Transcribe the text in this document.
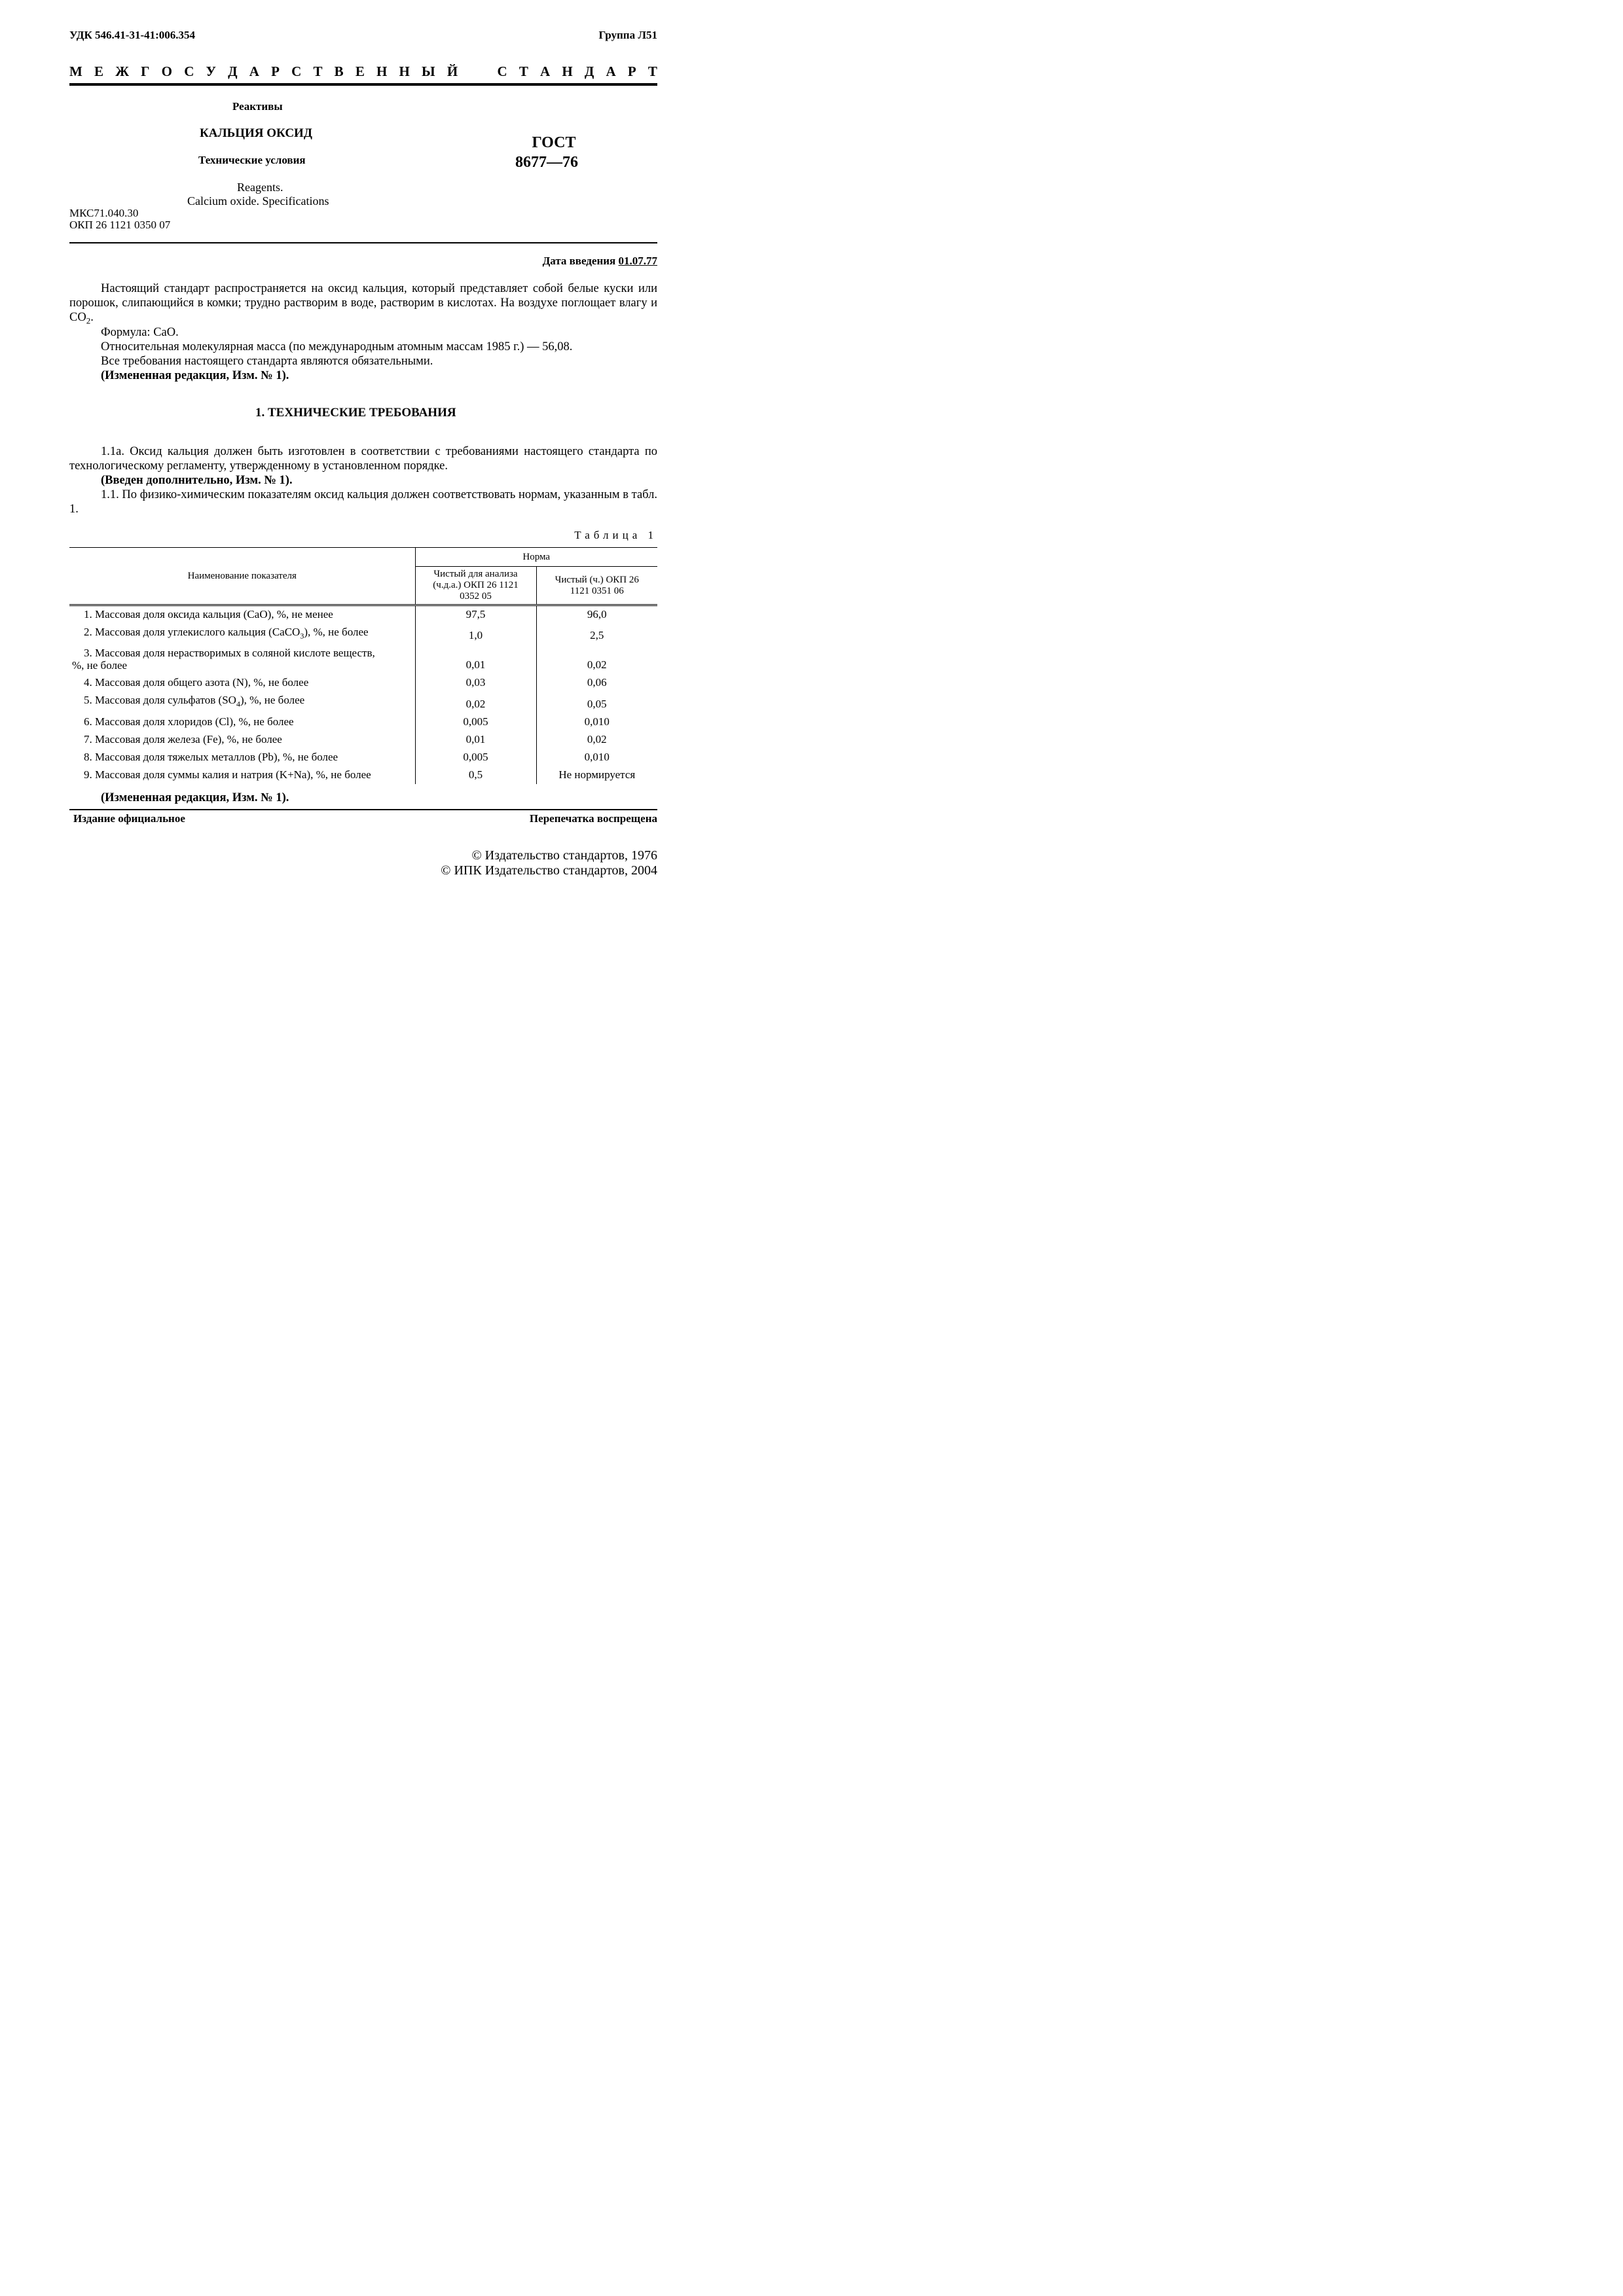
УДК 546.41-31-41:006.354	Группа Л51
М Е Ж Г О С У Д А Р С Т В Е Н Н Ы Й	С Т А Н Д А Р Т
Реактивы
КАЛЬЦИЯ ОКСИД
Технические условия
Reagents.
Calcium oxide. Specifications
ГОСТ
8677—76
МКС71.040.30
ОКП 26 1121 0350 07
Дата введения 01.07.77
Настоящий стандарт распространяется на оксид кальция, который представляет собой белые куски или порошок, слипающийся в комки; трудно растворим в воде, растворим в кислотах. На воздухе поглощает влагу и $CO_2$.
Формула: CaO.
Относительная молекулярная масса (по международным атомным массам 1985 г.) — 56,08.
Все требования настоящего стандарта являются обязательными.
(Измененная редакция, Изм. № 1).
1. ТЕХНИЧЕСКИЕ ТРЕБОВАНИЯ
1.1а. Оксид кальция должен быть изготовлен в соответствии с требованиями настоящего стандарта по технологическому регламенту, утвержденному в установленном порядке.
(Введен дополнительно, Изм. № 1).
1.1. По физико-химическим показателям оксид кальция должен соответствовать нормам, указанным в табл. 1.
Таблица 1
Наименование показателя	Норма	
	Чистый для анализа (ч.д.а.) ОКП 26 1121 0352 05	Чистый (ч.) ОКП 26 1121 0351 06
1. Массовая доля оксида кальция (CaO), %, не менее	97,5	96,0
2. Массовая доля углекислого кальция (CaCO$_3$), %, не более	1,0	2,5

3. Массовая доля нерастворимых в соляной кислоте веществ,
%, не более	0,01	0,02
4. Массовая доля общего азота (N), %, не более	0,03	0,06
5. Массовая доля сульфатов $(SO_4)$, %, не более	0,02	0,05
6. Массовая доля хлоридов (Cl), %, не более	0,005	0,010
7. Массовая доля железа (Fe), %, не более	0,01	0,02
8. Массовая доля тяжелых металлов (Pb), %, не более	0,005	0,010
9. Массовая доля суммы калия и натрия (K+Na), %, не более	0,5	Не нормируется
(Измененная редакция, Изм. № 1).
Издание официальное	Перепечатка воспрещена
© Издательство стандартов, 1976
© ИПК Издательство стандартов, 2004
